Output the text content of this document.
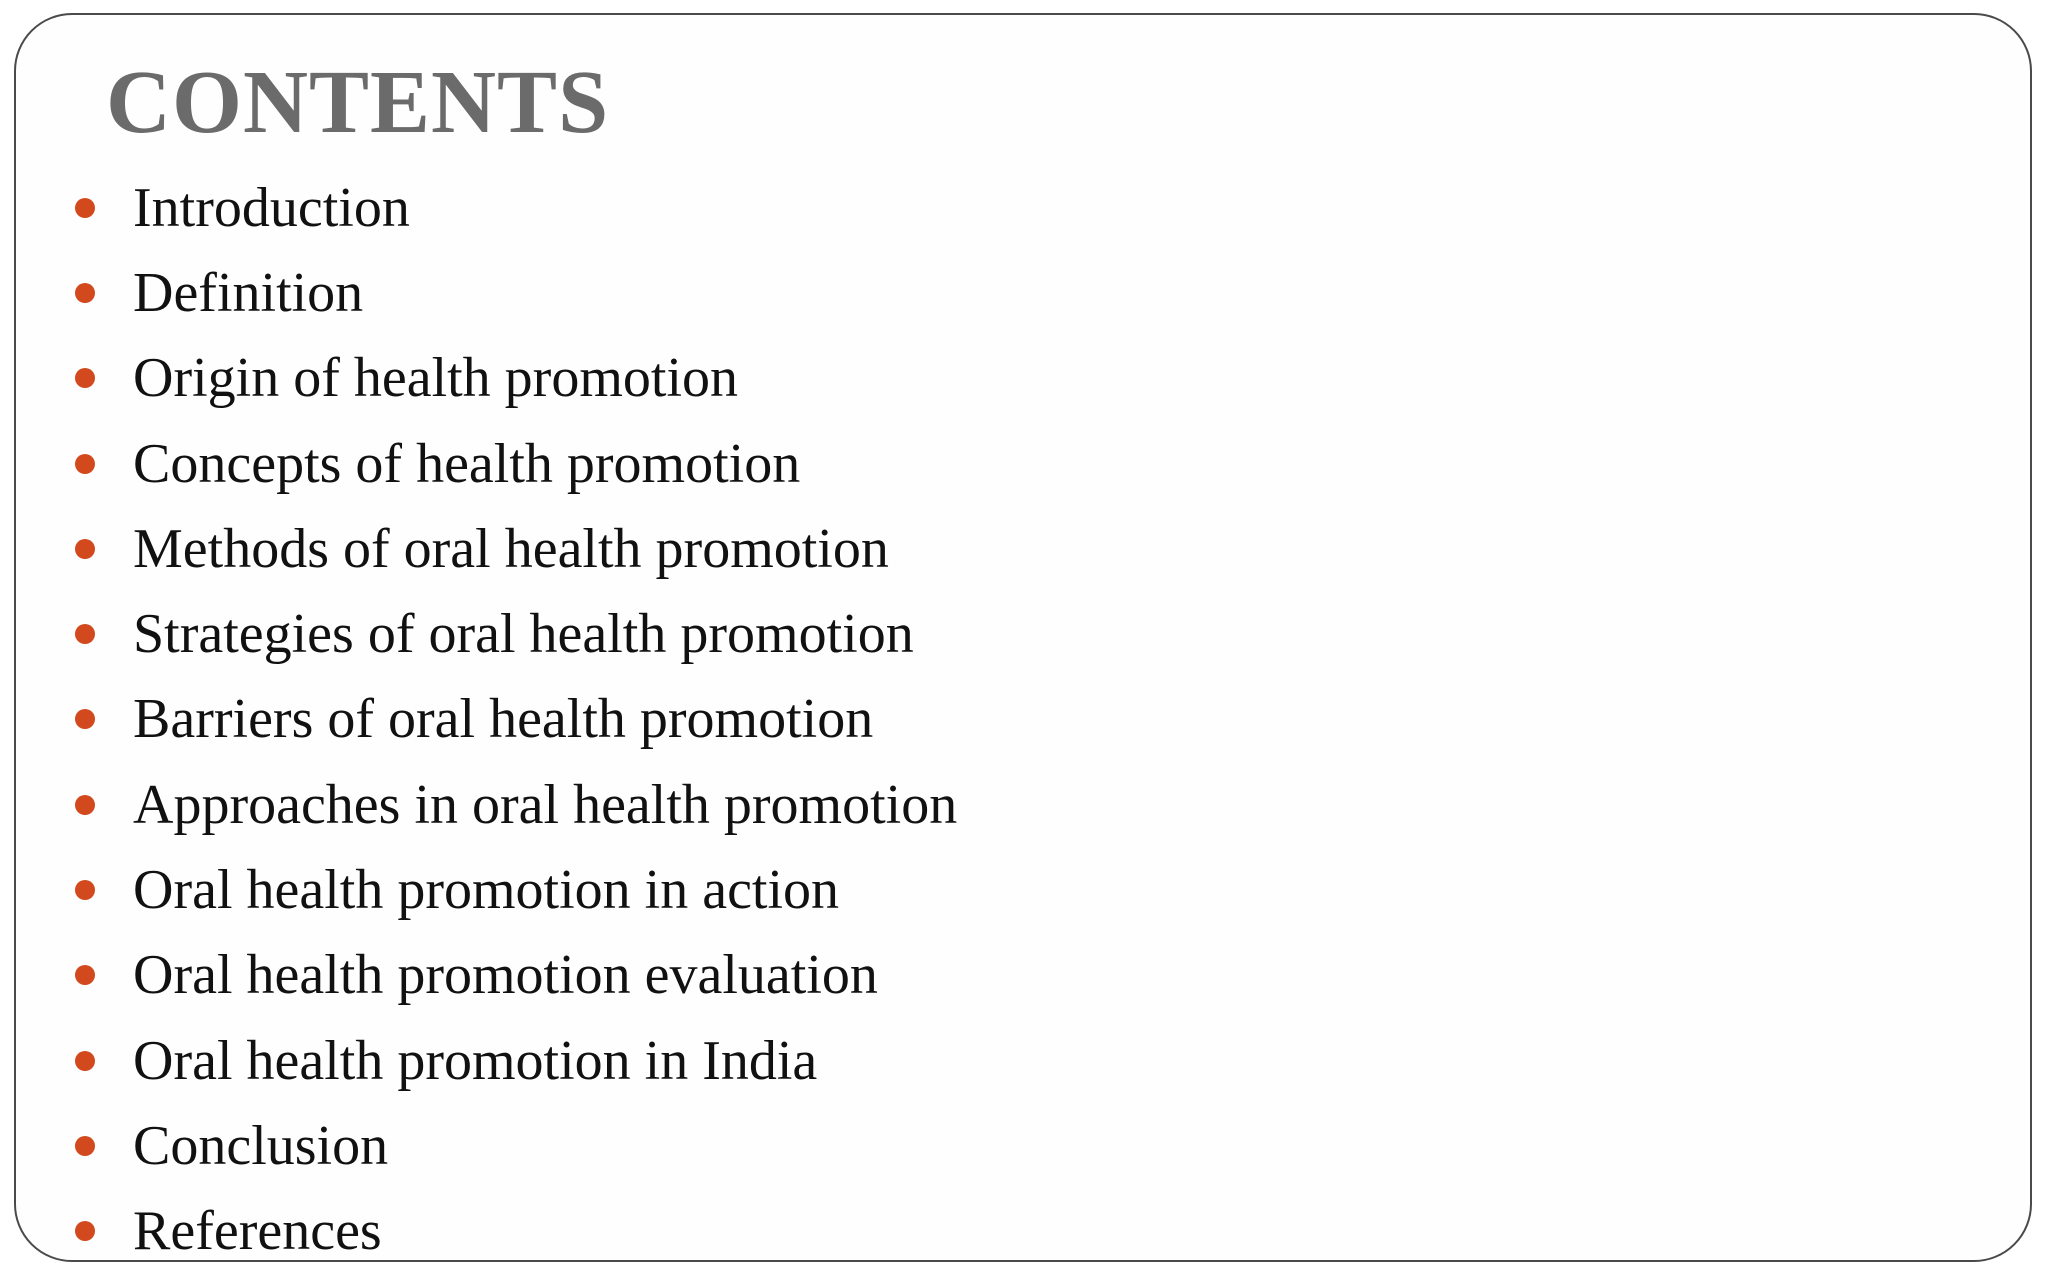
CONTENTS
Introduction
Definition
Origin of health promotion
Concepts of health promotion
Methods of oral health promotion
Strategies of oral health promotion
Barriers of oral health promotion
Approaches in oral health promotion
Oral health promotion in action
Oral health promotion evaluation
Oral health promotion in India
Conclusion
References
